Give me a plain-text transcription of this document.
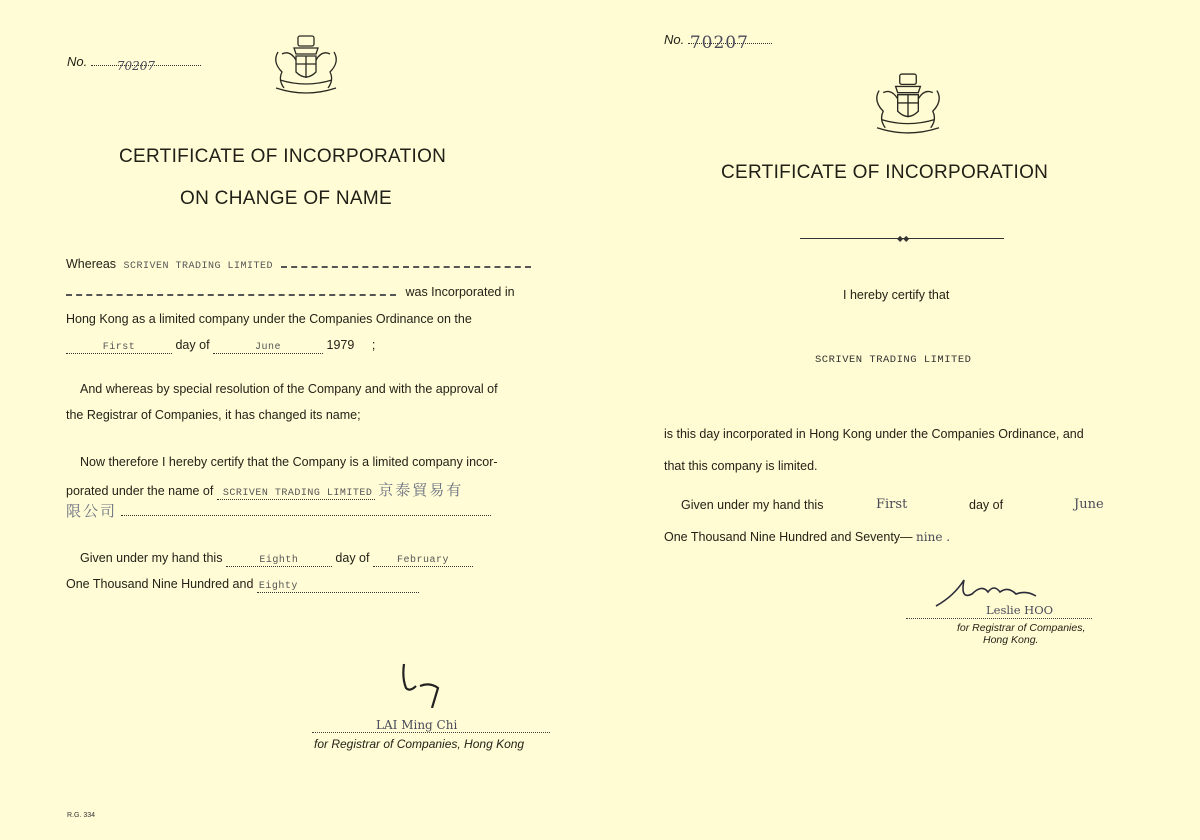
No. 70207
CERTIFICATE OF INCORPORATION
ON CHANGE OF NAME
Whereas SCRIVEN TRADING LIMITED
was Incorporated in
Hong Kong as a limited company under the Companies Ordinance on the
First	day of	June	1979 ;
And whereas by special resolution of the Company and with the approval of
the Registrar of Companies, it has changed its name;
Now therefore I hereby certify that the Company is a limited company incor-
porated under the name of SCRIVEN TRADING LIMITED 京泰貿易有
限公司
Given under my hand this	Eighth	day of	February
One Thousand Nine Hundred and Eighty
LAI Ming Chi
for Registrar of Companies, Hong Kong
R.G. 334
No. 70207
CERTIFICATE OF INCORPORATION
◆◆
I hereby certify that
SCRIVEN TRADING LIMITED
is this day incorporated in Hong Kong under the Companies Ordinance, and
that this company is limited.
Given under my hand this	First	day of	June
One Thousand Nine Hundred and Seventy— nine .
Leslie HOO
for Registrar of Companies,
Hong Kong.
